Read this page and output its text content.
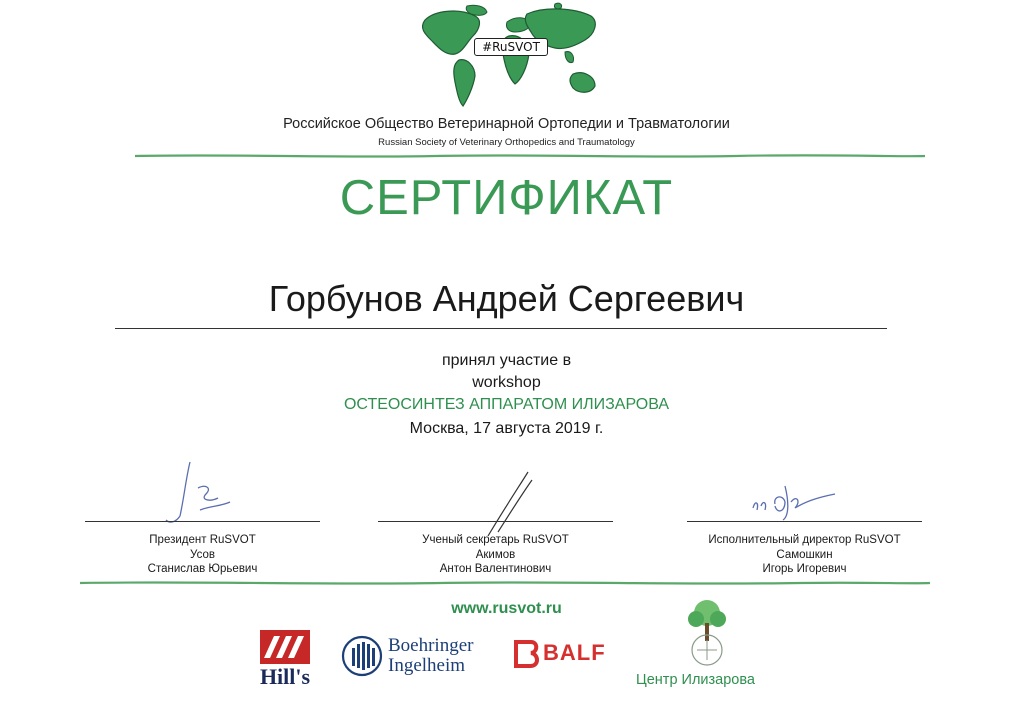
#RuSVOT
Российское Общество Ветеринарной Ортопедии и Травматологии
Russian Society of Veterinary Orthopedics and Traumatology
СЕРТИФИКАТ
Горбунов Андрей Сергеевич
принял участие в
workshop
ОСТЕОСИНТЕЗ АППАРАТОМ ИЛИЗАРОВА
Москва, 17 августа 2019 г.
Президент RuSVOT
Усов
Станислав Юрьевич
Ученый секретарь RuSVOT
Акимов
Антон Валентинович
Исполнительный директор RuSVOT
Самошкин
Игорь Игоревич
www.rusvot.ru
Hill's
Boehringer
Ingelheim
BALF
Центр Илизарова
